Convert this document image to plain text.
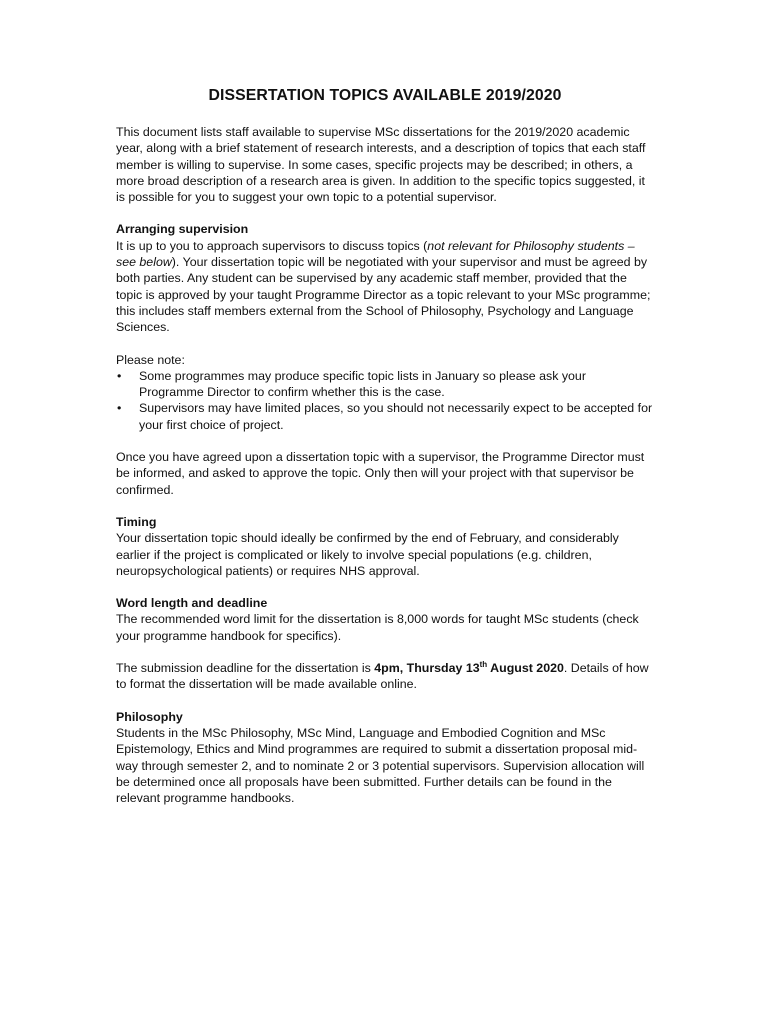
DISSERTATION TOPICS AVAILABLE 2019/2020

This document lists staff available to supervise MSc dissertations for the 2019/2020 academic year, along with a brief statement of research interests, and a description of topics that each staff member is willing to supervise. In some cases, specific projects may be described; in others, a more broad description of a research area is given. In addition to the specific topics suggested, it is possible for you to suggest your own topic to a potential supervisor.

Arranging supervision
It is up to you to approach supervisors to discuss topics (not relevant for Philosophy students – see below). Your dissertation topic will be negotiated with your supervisor and must be agreed by both parties. Any student can be supervised by any academic staff member, provided that the topic is approved by your taught Programme Director as a topic relevant to your MSc programme; this includes staff members external from the School of Philosophy, Psychology and Language Sciences.
Please note:
• Some programmes may produce specific topic lists in January so please ask your Programme Director to confirm whether this is the case.
• Supervisors may have limited places, so you should not necessarily expect to be accepted for your first choice of project.

Once you have agreed upon a dissertation topic with a supervisor, the Programme Director must be informed, and asked to approve the topic. Only then will your project with that supervisor be confirmed.

Timing
Your dissertation topic should ideally be confirmed by the end of February, and considerably earlier if the project is complicated or likely to involve special populations (e.g. children, neuropsychological patients) or requires NHS approval.
Word length and deadline
The recommended word limit for the dissertation is 8,000 words for taught MSc students (check your programme handbook for specifics).

The submission deadline for the dissertation is 4pm, Thursday 13th August 2020. Details of how to format the dissertation will be made available online.

Philosophy
Students in the MSc Philosophy, MSc Mind, Language and Embodied Cognition and MSc Epistemology, Ethics and Mind programmes are required to submit a dissertation proposal mid-way through semester 2, and to nominate 2 or 3 potential supervisors. Supervision allocation will be determined once all proposals have been submitted. Further details can be found in the relevant programme handbooks.
